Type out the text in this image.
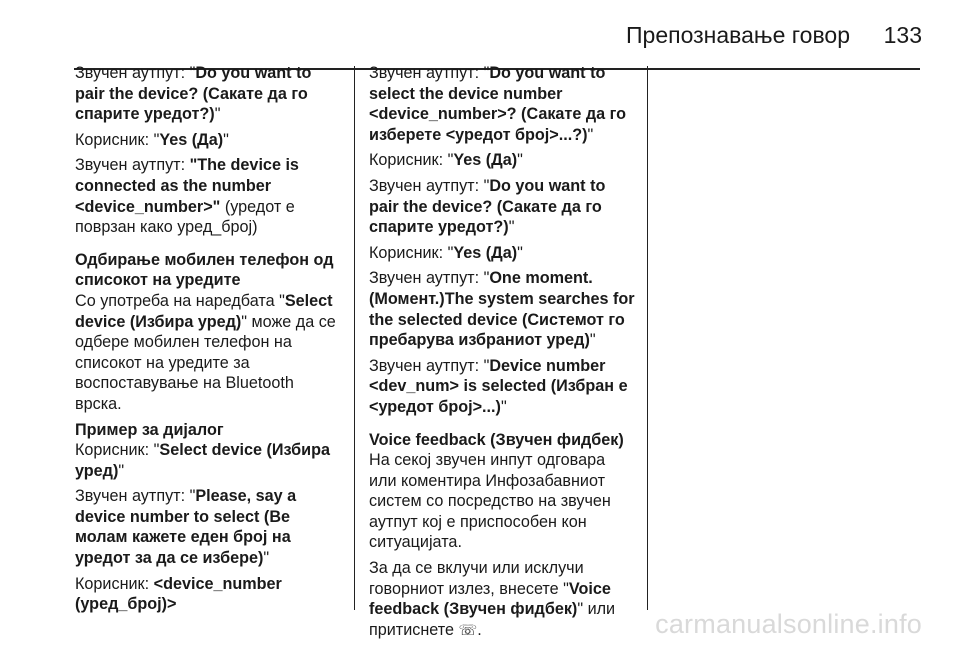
Препознавање говор 133

Звучен аутпут: "Do you want to pair the device? (Сакате да го спарите уредот?)"

Корисник: "Yes (Да)"

Звучен аутпут: "The device is connected as the number <device_number>" (уредот е поврзан како уред_број)

Одбирање мобилен телефон од списокот на уредите
Со употреба на наредбата "Select device (Избира уред)" може да се одбере мобилен телефон на списокот на уредите за воспоставување на Bluetooth врска.

Пример за дијалог
Корисник: "Select device (Избира уред)"

Звучен аутпут: "Please, say a device number to select (Ве молам кажете еден број на уредот за да се избере)"

Корисник: <device_number (уред_број)>

Звучен аутпут: "Do you want to select the device number <device_number>? (Сакате да го изберете <уредот број>...?)"

Корисник: "Yes (Да)"

Звучен аутпут: "Do you want to pair the device? (Сакате да го спарите уредот?)"

Корисник: "Yes (Да)"

Звучен аутпут: "One moment. (Момент.)The system searches for the selected device (Системот го пребарува избраниот уред)"

Звучен аутпут: "Device number <dev_num> is selected (Избран е <уредот број>...)"

Voice feedback (Звучен фидбек)
На секој звучен инпут одговара или коментира Инфозабавниот систем со посредство на звучен аутпут кој е приспособен кон ситуацијата.

За да се вклучи или исклучи говорниот излез, внесете "Voice feedback (Звучен фидбек)" или притиснете ☏.	carmanualsonline.info
